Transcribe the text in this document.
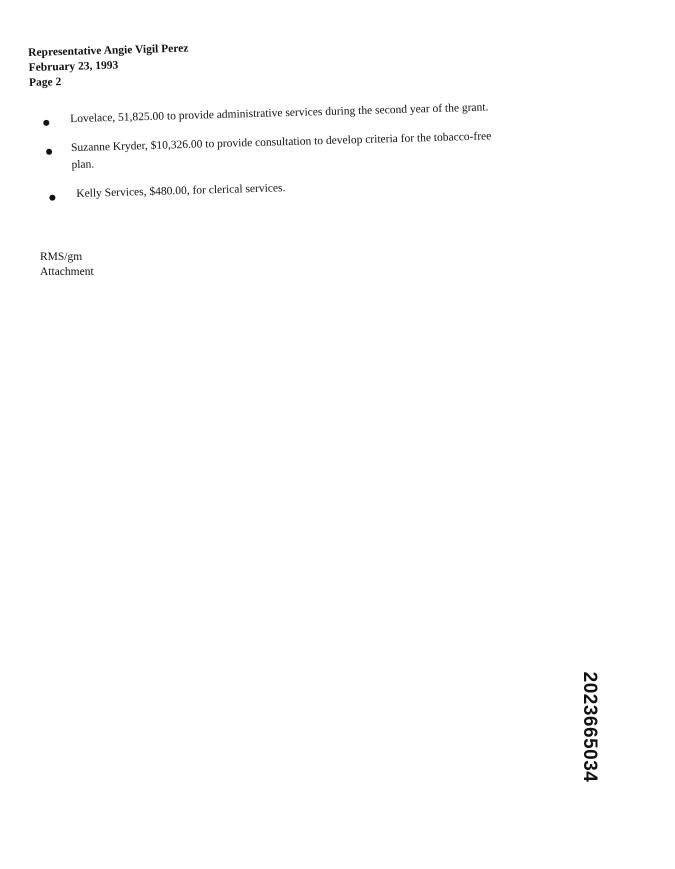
Representative Angie Vigil Perez
February 23, 1993
Page 2
Lovelace, 51,825.00 to provide administrative services during the second year of the grant.
Suzanne Kryder, $10,326.00 to provide consultation to develop criteria for the tobacco-free plan.
Kelly Services, $480.00, for clerical services.
RMS/gm
Attachment
2023665034
